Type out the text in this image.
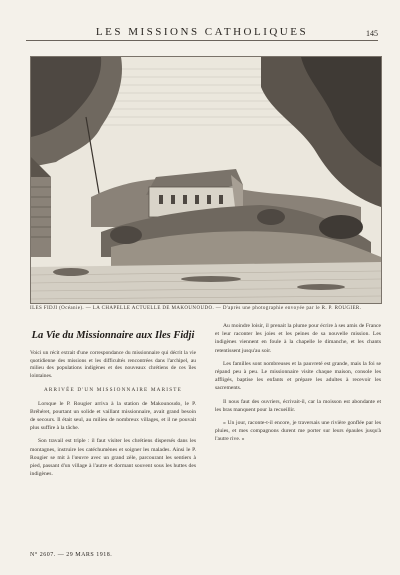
LES MISSIONS CATHOLIQUES	145
ILES FIDJI (Océanie). — LA CHAPELLE ACTUELLE DE MAKOUNOUDO. — D'après une photographie envoyée par le R. P. ROUGIER.
La Vie du Missionnaire aux Iles Fidji

Voici un récit extrait d'une correspondance du missionnaire qui décrit la vie quotidienne des missions et les difficultés rencontrées dans l'archipel, au milieu des populations indigènes et des nouveaux chrétiens de ces îles lointaines.

ARRIVÉE D'UN MISSIONNAIRE MARISTE

Lorsque le P. Rougier arriva à la station de Makounoudo, le P. Bréhéret, pourtant un solide et vaillant missionnaire, avait grand besoin de secours. Il était seul, au milieu de nombreux villages, et il ne pouvait plus suffire à la tâche.

Son travail est triple : il faut visiter les chrétiens dispersés dans les montagnes, instruire les catéchumènes et soigner les malades. Ainsi le P. Rougier se mit à l'œuvre avec un grand zèle, parcourant les sentiers à pied, passant d'un village à l'autre et dormant souvent sous les huttes des indigènes.

Au moindre loisir, il prenait la plume pour écrire à ses amis de France et leur raconter les joies et les peines de sa nouvelle mission. Les indigènes viennent en foule à la chapelle le dimanche, et les chants retentissent jusqu'au soir.

Les familles sont nombreuses et la pauvreté est grande, mais la foi se répand peu à peu. Le missionnaire visite chaque maison, console les affligés, baptise les enfants et prépare les adultes à recevoir les sacrements.

Il nous faut des ouvriers, écrivait-il, car la moisson est abondante et les bras manquent pour la recueillir.

« Un jour, raconte-t-il encore, je traversais une rivière gonflée par les pluies, et mes compagnons durent me porter sur leurs épaules jusqu'à l'autre rive. »

N° 2607. — 29 MARS 1918.
